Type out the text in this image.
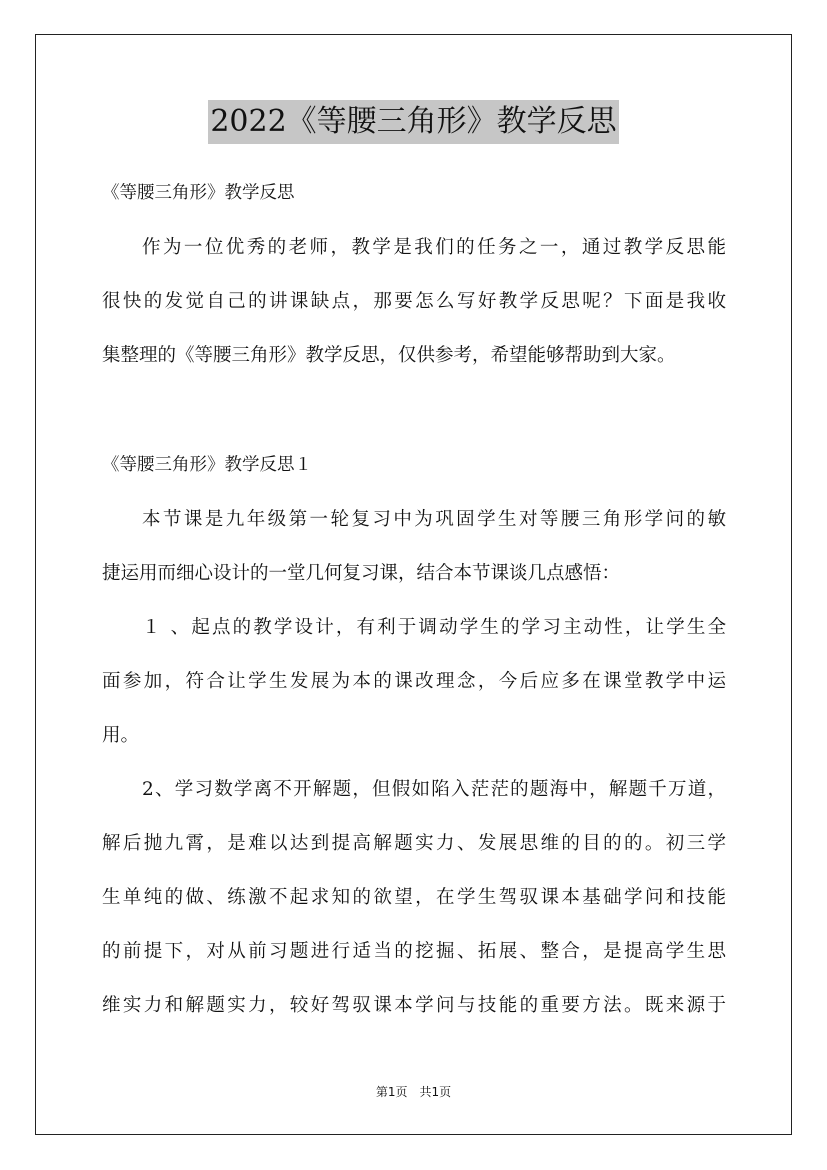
2022《等腰三角形》教学反思
《等腰三角形》教学反思
作为一位优秀的老师，教学是我们的任务之一，通过教学反思能
很快的发觉自己的讲课缺点，那要怎么写好教学反思呢？下面是我收
集整理的《等腰三角形》教学反思，仅供参考，希望能够帮助到大家。
《等腰三角形》教学反思１
本节课是九年级第一轮复习中为巩固学生对等腰三角形学问的敏
捷运用而细心设计的一堂几何复习课，结合本节课谈几点感悟：
１ 、起点的教学设计，有利于调动学生的学习主动性，让学生全
面参加，符合让学生发展为本的课改理念，今后应多在课堂教学中运
用。
2、学习数学离不开解题，但假如陷入茫茫的题海中，解题千万道，
解后抛九霄，是难以达到提高解题实力、发展思维的目的的。初三学
生单纯的做、练激不起求知的欲望，在学生驾驭课本基础学问和技能
的前提下，对从前习题进行适当的挖掘、拓展、整合，是提高学生思
维实力和解题实力，较好驾驭课本学问与技能的重要方法。既来源于
第1页　共1页
